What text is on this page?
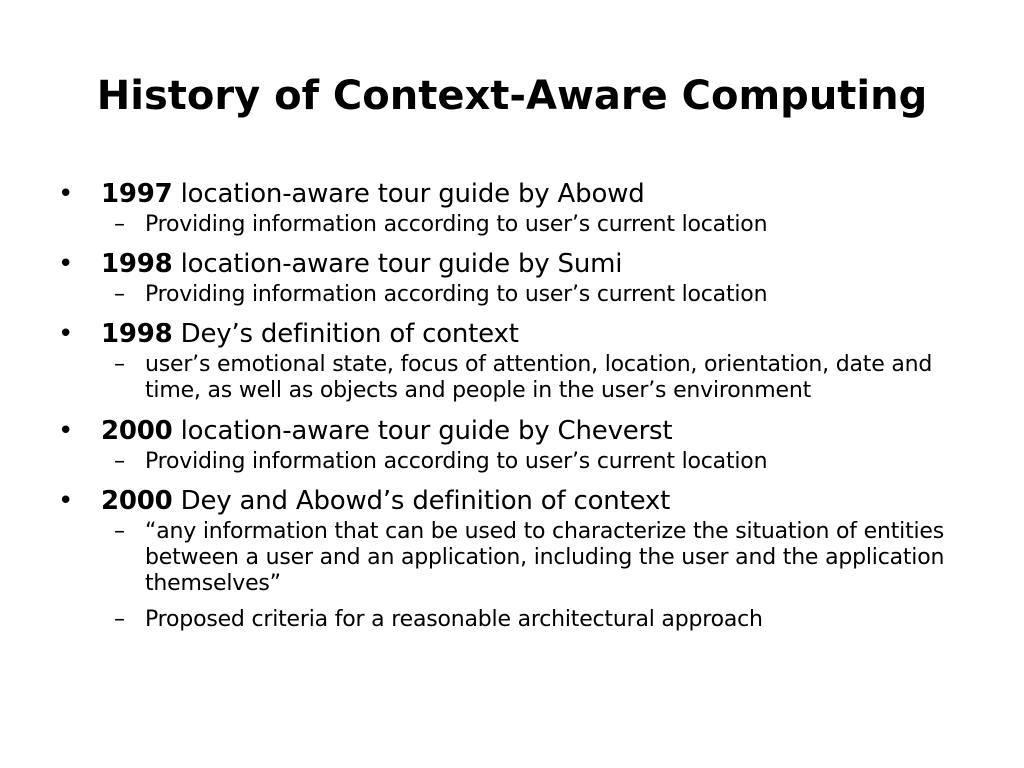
History of Context-Aware Computing
• 1997 location-aware tour guide by Abowd
– Providing information according to user’s current location
• 1998 location-aware tour guide by Sumi
– Providing information according to user’s current location
• 1998 Dey’s definition of context
– user’s emotional state, focus of attention, location, orientation, date and time, as well as objects and people in the user’s environment
• 2000 location-aware tour guide by Cheverst
– Providing information according to user’s current location
• 2000 Dey and Abowd’s definition of context
– “any information that can be used to characterize the situation of entities between a user and an application, including the user and the application themselves”
– Proposed criteria for a reasonable architectural approach
